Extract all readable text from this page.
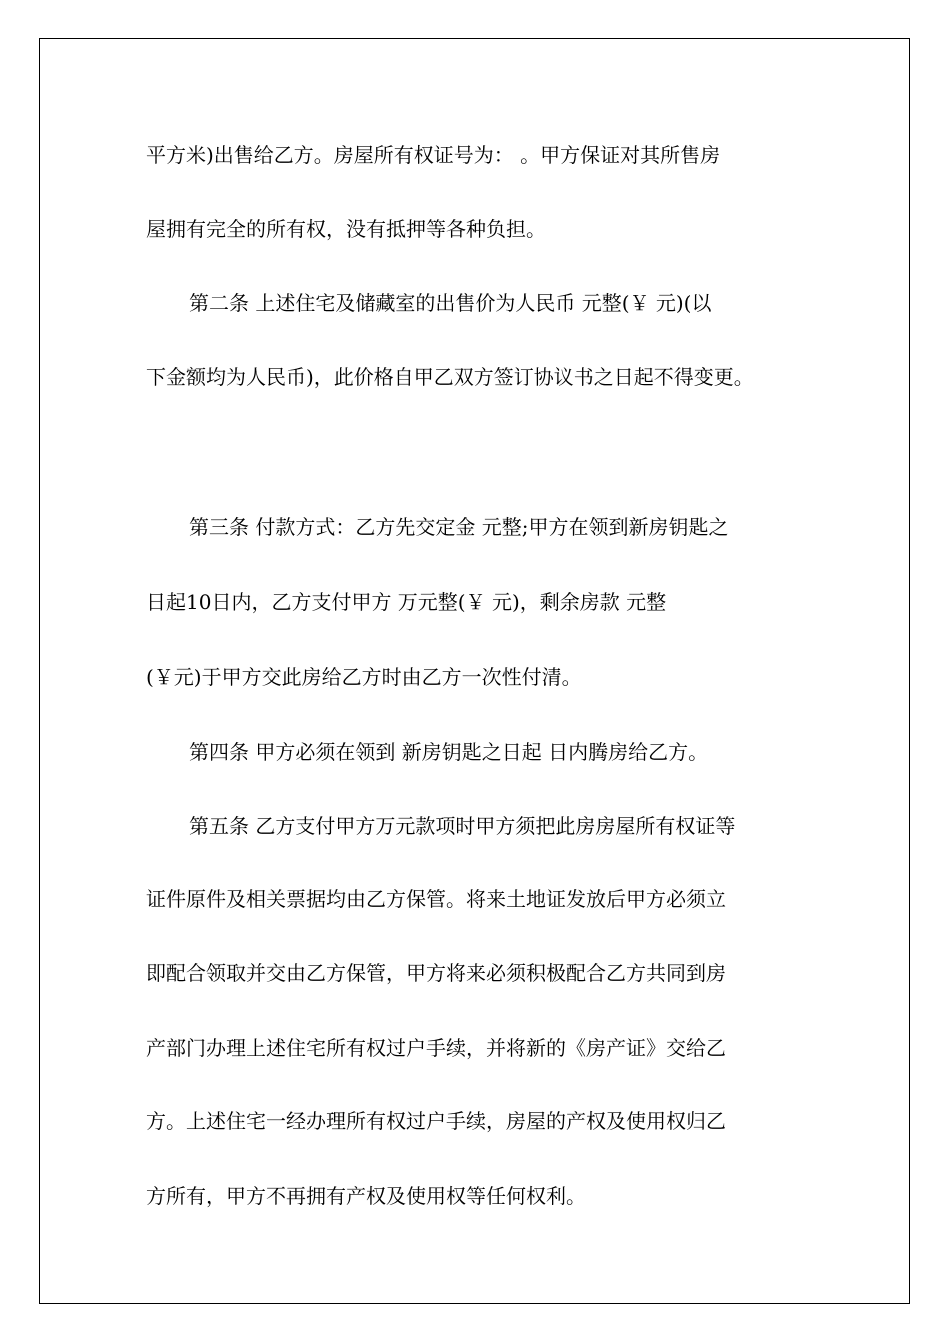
平方米)出售给乙方。房屋所有权证号为： 。甲方保证对其所售房

屋拥有完全的所有权，没有抵押等各种负担。

第二条 上述住宅及储藏室的出售价为人民币 元整(￥ 元)(以

下金额均为人民币)，此价格自甲乙双方签订协议书之日起不得变更。

第三条 付款方式：乙方先交定金 元整;甲方在领到新房钥匙之

日起10日内，乙方支付甲方 万元整(￥ 元)，剩余房款 元整

(￥元)于甲方交此房给乙方时由乙方一次性付清。

第四条 甲方必须在领到 新房钥匙之日起 日内腾房给乙方。

第五条 乙方支付甲方万元款项时甲方须把此房房屋所有权证等

证件原件及相关票据均由乙方保管。将来土地证发放后甲方必须立

即配合领取并交由乙方保管，甲方将来必须积极配合乙方共同到房

产部门办理上述住宅所有权过户手续，并将新的《房产证》交给乙

方。上述住宅一经办理所有权过户手续，房屋的产权及使用权归乙

方所有，甲方不再拥有产权及使用权等任何权利。
